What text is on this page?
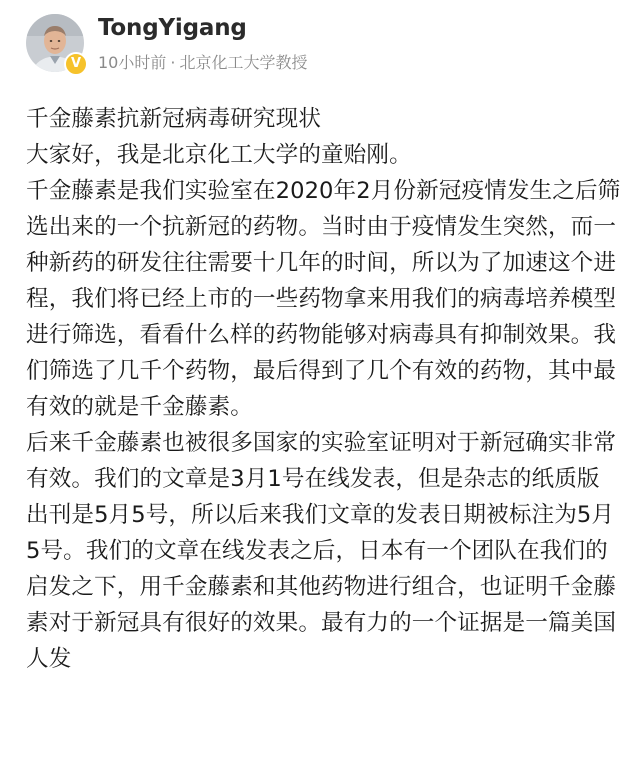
V
TongYigang
10小时前 · 北京化工大学教授

千金藤素抗新冠病毒研究现状

大家好，我是北京化工大学的童贻刚。

千金藤素是我们实验室在2020年2月份新冠疫情发生之后筛选出来的一个抗新冠的药物。当时由于疫情发生突然，而一种新药的研发往往需要十几年的时间，所以为了加速这个进程，我们将已经上市的一些药物拿来用我们的病毒培养模型进行筛选，看看什么样的药物能够对病毒具有抑制效果。我们筛选了几千个药物，最后得到了几个有效的药物，其中最有效的就是千金藤素。

后来千金藤素也被很多国家的实验室证明对于新冠确实非常有效。我们的文章是3月1号在线发表，但是杂志的纸质版出刊是5月5号，所以后来我们文章的发表日期被标注为5月5号。我们的文章在线发表之后，日本有一个团队在我们的启发之下，用千金藤素和其他药物进行组合，也证明千金藤素对于新冠具有很好的效果。最有力的一个证据是一篇美国人发
